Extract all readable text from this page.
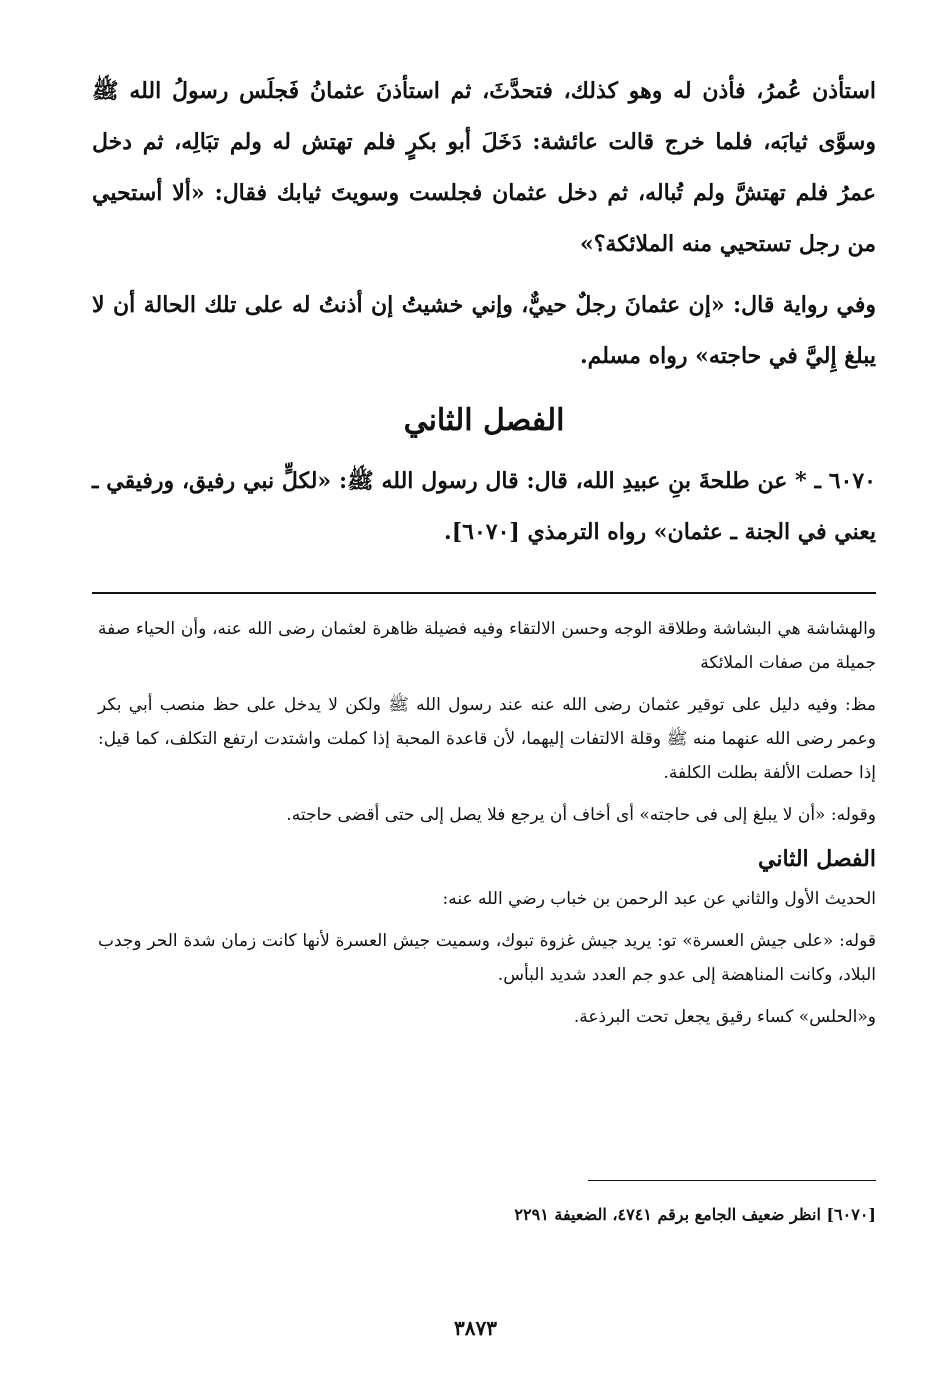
استأذن عُمرُ، فأذن له وهو كذلك، فتحدَّثَ، ثم استأذنَ عثمانُ فَجلَس رسولُ الله ﷺ وسوَّى ثيابَه، فلما خرج قالت عائشة: دَخَلَ أبو بكرٍ فلم تهتش له ولم تبَالِه، ثم دخل عمرُ فلم تهتشَّ ولم تُباله، ثم دخل عثمان فجلست وسويتَ ثيابك فقال: «ألا أستحيي من رجل تستحيي منه الملائكة؟»

وفي رواية قال: «إن عثمانَ رجلٌ حييٌّ، وإني خشيتُ إن أذنتُ له على تلك الحالة أن لا يبلغ إِليَّ في حاجته» رواه مسلم.

الفصل الثاني

٦٠٧٠ ـ * عن طلحةَ بنِ عبيدِ الله، قال: قال رسول الله ﷺ: «لكلٍّ نبي رفيق، ورفيقي ـ يعني في الجنة ـ عثمان» رواه الترمذي [٦٠٧٠].

والهشاشة هي البشاشة وطلاقة الوجه وحسن الالتقاء وفيه فضيلة ظاهرة لعثمان رضى الله عنه، وأن الحياء صفة جميلة من صفات الملائكة

مظ: وفيه دليل على توقير عثمان رضى الله عنه عند رسول الله ﷺ ولكن لا يدخل على حظ منصب أبي بكر وعمر رضى الله عنهما منه ﷺ وقلة الالتفات إليهما، لأن قاعدة المحبة إذا كملت واشتدت ارتفع التكلف، كما قيل: إذا حصلت الألفة بطلت الكلفة.

وقوله: «أن لا يبلغ إلى فى حاجته» أى أخاف أن يرجع فلا يصل إلى حتى أقضى حاجته.

الفصل الثاني

الحديث الأول والثاني عن عبد الرحمن بن خباب رضي الله عنه:

قوله: «على جيش العسرة» تو: يريد جيش غزوة تبوك، وسميت جيش العسرة لأنها كانت زمان شدة الحر وجدب البلاد، وكانت المناهضة إلى عدو جم العدد شديد البأس.

و«الحلس» كساء رقيق يجعل تحت البرذعة.

[٦٠٧٠] انظر ضعيف الجامع برقم ٤٧٤١، الضعيفة ٢٢٩١
٣٨٧٣
